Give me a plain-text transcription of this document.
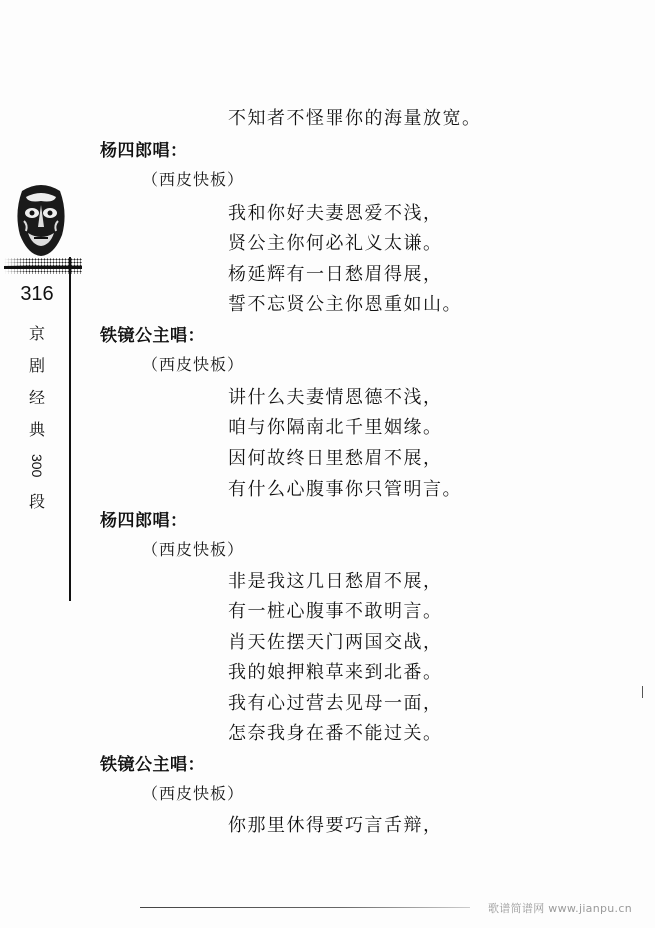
316
京
剧
经
典
300
段
不知者不怪罪你的海量放宽。
杨四郎唱：
（西皮快板）
我和你好夫妻恩爱不浅，
贤公主你何必礼义太谦。
杨延辉有一日愁眉得展，
誓不忘贤公主你恩重如山。
铁镜公主唱：
（西皮快板）
讲什么夫妻情恩德不浅，
咱与你隔南北千里姻缘。
因何故终日里愁眉不展，
有什么心腹事你只管明言。
杨四郎唱：
（西皮快板）
非是我这几日愁眉不展，
有一桩心腹事不敢明言。
肖天佐摆天门两国交战，
我的娘押粮草来到北番。
我有心过营去见母一面，
怎奈我身在番不能过关。
铁镜公主唱：
（西皮快板）
你那里休得要巧言舌辩，
歌谱简谱网 www.jianpu.cn
